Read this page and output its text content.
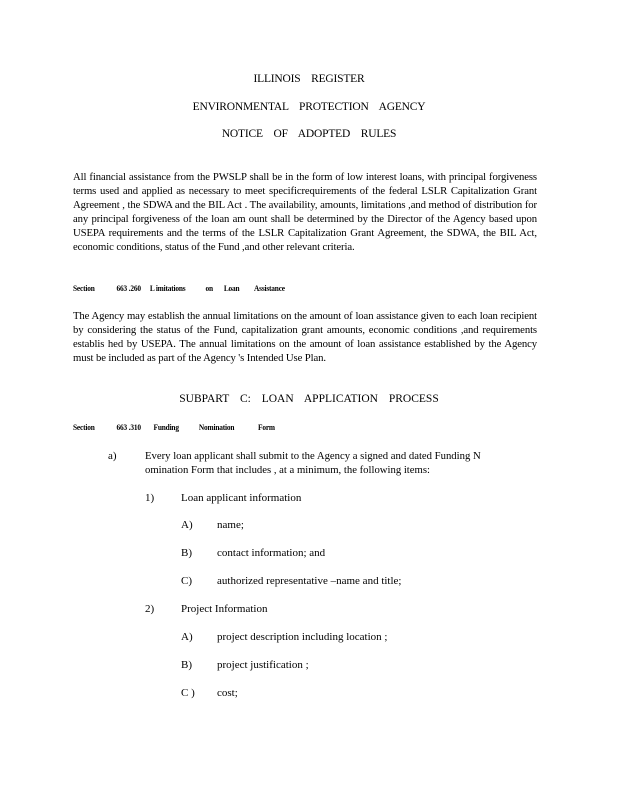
ILLINOIS REGISTER
ENVIRONMENTAL PROTECTION AGENCY
NOTICE OF ADOPTED RULES
All financial assistance from the PWSLP shall be in the form of low interest loans, with principal forgiveness terms used and applied as necessary to meet specificrequirements of the federal LSLR Capitalization Grant Agreement , the SDWA and the BIL Act . The availability, amounts, limitations ,and method of distribution for any principal forgiveness of the loan am ount shall be determined by the Director of the Agency based upon USEPA requirements and the terms of the LSLR Capitalization Grant Agreement, the SDWA, the BIL Act, economic conditions, status of the Fund ,and other relevant criteria.
Section	663 .260 L imitations	on Loan Assistance
The Agency may establish the annual limitations on the amount of loan assistance given to each loan recipient by considering the status of the Fund, capitalization grant amounts, economic conditions ,and requirements establis hed by USEPA. The annual limitations on the amount of loan assistance established by the Agency must be included as part of the Agency 's Intended Use Plan.
SUBPART C: LOAN APPLICATION PROCESS
Section	663 .310 Funding	Nomination	Form
a)	Every loan applicant shall submit to the Agency a signed and dated Funding N omination Form that includes , at a minimum, the following items:
1) Loan applicant information
A) name;
B) contact information; and
C) authorized representative –name and title;
2) Project Information
A) project description including location ;
B) project justification ;
C ) cost;
